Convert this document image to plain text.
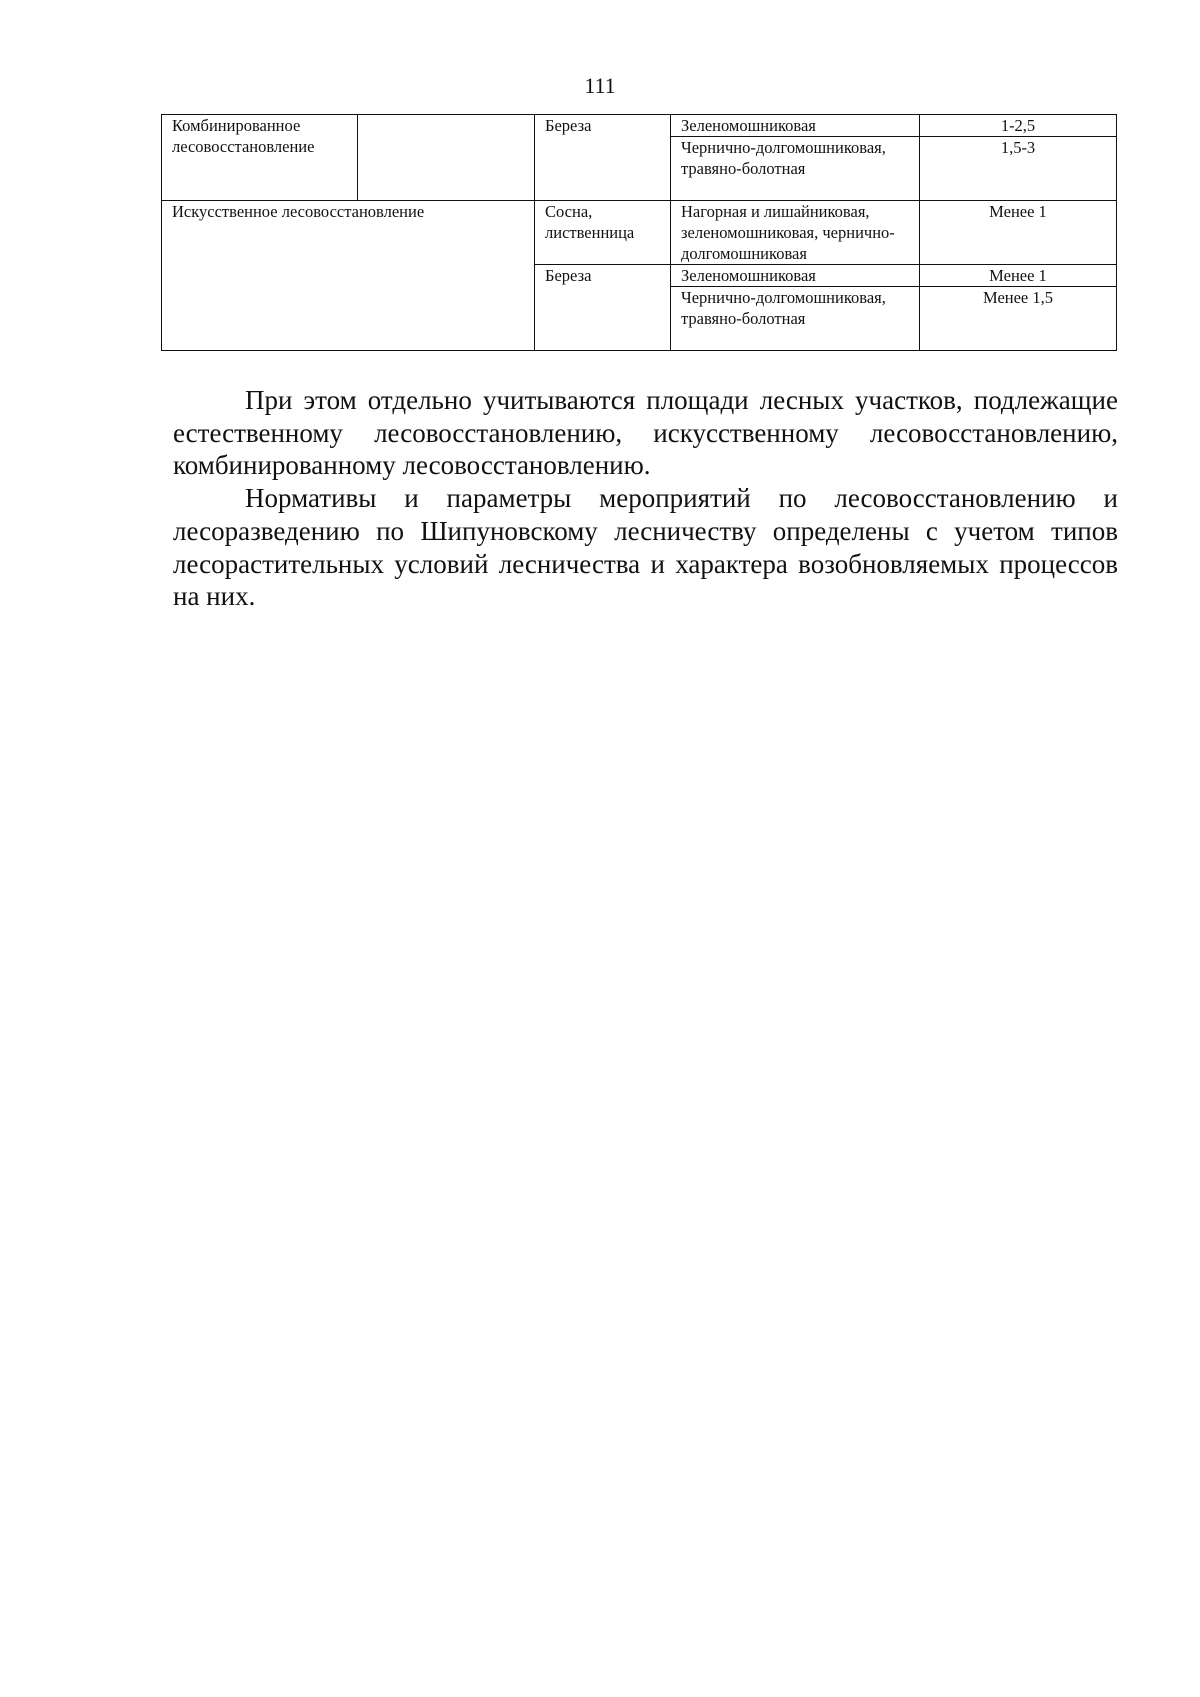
111
Комбинированное лесовосстановление		Береза	Зеленомошниковая	1-2,5
			Чернично-долгомошниковая, травяно-болотная	1,5-3
Искусственное лесовосстановление		Сосна, лиственница	Нагорная и лишайниковая, зеленомошниковая, чернично-долгомошниковая	Менее 1
		Береза	Зеленомошниковая	Менее 1
			Чернично-долгомошниковая, травяно-болотная	Менее 1,5

При этом отдельно учитываются площади лесных участков, подлежащие естественному лесовосстановлению, искусственному лесовосстановлению, комбинированному лесовосстановлению.

Нормативы и параметры мероприятий по лесовосстановлению и лесоразведению по Шипуновскому лесничеству определены с учетом типов лесорастительных условий лесничества и характера возобновляемых процессов на них.
